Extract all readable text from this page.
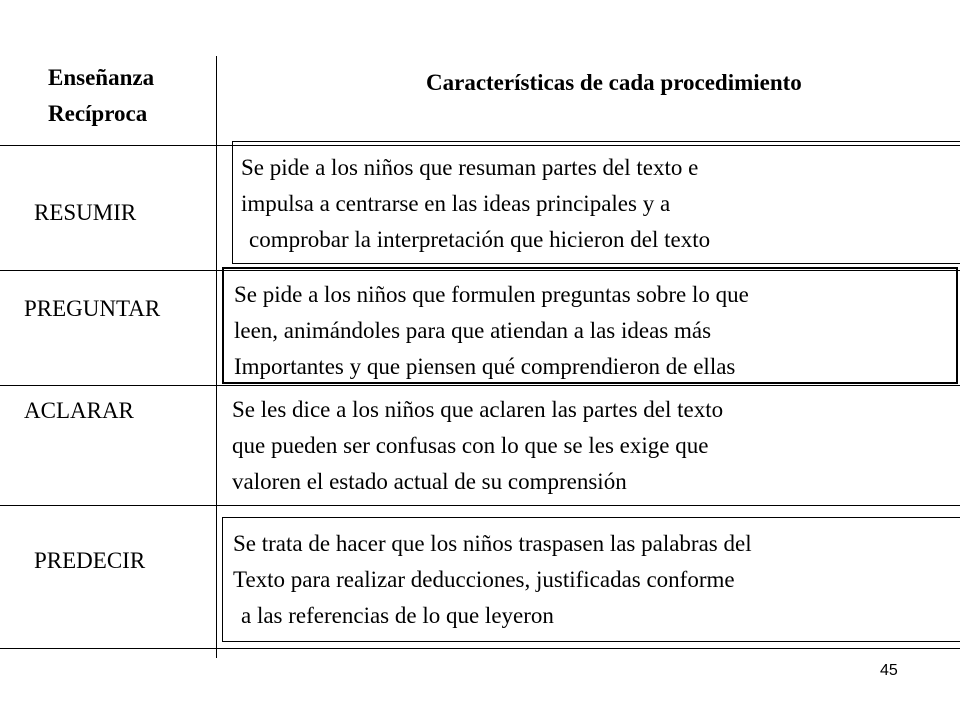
Enseñanza
Recíproca
Características de cada procedimiento
RESUMIR
Se pide a los niños que resuman partes del texto e
impulsa a centrarse en las ideas principales y a
comprobar la interpretación que hicieron del texto
PREGUNTAR
Se pide a los niños que formulen preguntas sobre lo que
leen, animándoles para que atiendan a las ideas más
Importantes y que piensen qué comprendieron de ellas
ACLARAR	Se les dice a los niños que aclaren las partes del texto
que pueden ser confusas con lo que se les exige que
valoren el estado actual de su comprensión
PREDECIR
Se trata de hacer que los niños traspasen las palabras del
Texto para realizar deducciones, justificadas conforme
a las referencias de lo que leyeron
45
